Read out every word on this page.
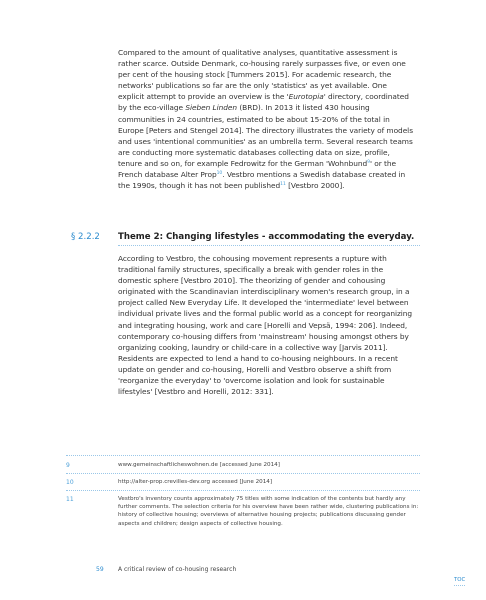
Compared to the amount of qualitative analyses, quantitative assessment is rather scarce. Outside Denmark, co-housing rarely surpasses five, or even one per cent of the housing stock [Tummers 2015]. For academic research, the networks' publications so far are the only 'statistics' as yet available. One explicit attempt to provide an overview is the 'Eurotopia' directory, coordinated by the eco-village Sieben Linden (BRD). In 2013 it listed 430 housing communities in 24 countries, estimated to be about 15-20% of the total in Europe [Peters and Stengel 2014]. The directory illustrates the variety of models and uses 'intentional communities' as an umbrella term. Several research teams are conducting more systematic databases collecting data on size, profile, tenure and so on, for example Fedrowitz for the German 'Wohnbund$^9$' or the French database Alter Prop$^{10}$. Vestbro mentions a Swedish database created in the 1990s, though it has not been published$^{11}$ [Vestbro 2000].

§ 2.2.2 Theme 2: Changing lifestyles - accommodating the everyday.

According to Vestbro, the cohousing movement represents a rupture with traditional family structures, specifically a break with gender roles in the domestic sphere [Vestbro 2010]. The theorizing of gender and cohousing originated with the Scandinavian interdisciplinary women's research group, in a project called New Everyday Life. It developed the 'intermediate' level between individual private lives and the formal public world as a concept for reorganizing and integrating housing, work and care [Horelli and Vepsä, 1994: 206]. Indeed, contemporary co-housing differs from 'mainstream' housing amongst others by organizing cooking, laundry or child-care in a collective way [Jarvis 2011]. Residents are expected to lend a hand to co-housing neighbours. In a recent update on gender and co-housing, Horelli and Vestbro observe a shift from 'reorganize the everyday' to 'overcome isolation and look for sustainable lifestyles' [Vestbro and Horelli, 2012: 331].

9	www.gemeinschaftlicheswohnen.de [accessed June 2014]

10	http://alter-prop.crevilles-dev.org accessed [June 2014]

11	Vestbro's inventory counts approximately 75 titles with some indication of the contents but hardly any further comments. The selection criteria for his overview have been rather wide, clustering publications in: history of collective housing; overviews of alternative housing projects; publications discussing gender aspects and children; design aspects of collective housing.

59 A critical review of co-housing research
TOC
